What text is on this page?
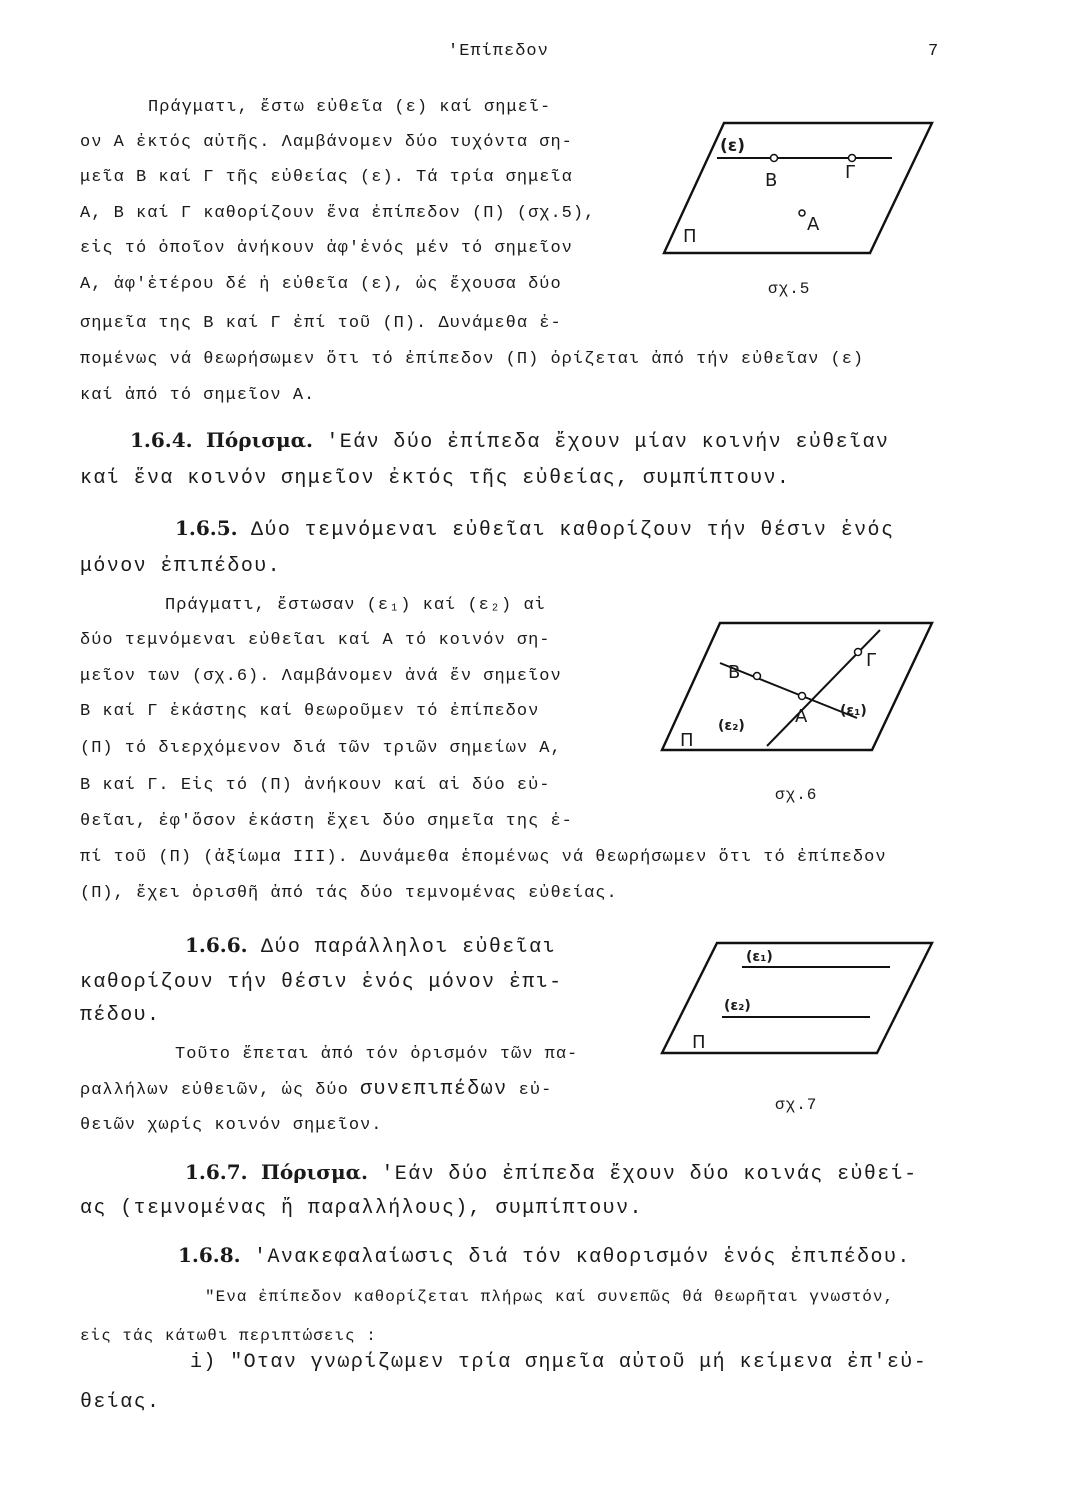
'Επίπεδον	7
Πράγματι, ἔστω εὐθεῖα (ε) καί σημεῖ-
ον Α ἐκτός αὐτῆς. Λαμβάνομεν δύο τυχόντα ση-
μεῖα Β καί Γ τῆς εὐθείας (ε). Τά τρία σημεῖα
Α, Β καί Γ καθορίζουν ἕνα ἐπίπεδον (Π) (σχ.5),
εἰς τό ὁποῖον ἀνήκουν ἀφ'ἑνός μέν τό σημεῖον
Α, ἀφ'ἑτέρου δέ ἡ εὐθεῖα (ε), ὡς ἔχουσα δύο
σημεῖα της Β καί Γ ἐπί τοῦ (Π). Δυνάμεθα ἐ-
πομένως νά θεωρήσωμεν ὅτι τό ἐπίπεδον (Π) ὁρίζεται ἀπό τήν εὐθεῖαν (ε)
καί ἀπό τό σημεῖον Α.
(ε)
Β	Γ
Π
Α
σχ.5
1.6.4. Πόρισμα. 'Εάν δύο ἐπίπεδα ἔχουν μίαν κοινήν εὐθεῖαν
καί ἕνα κοινόν σημεῖον ἐκτός τῆς εὐθείας, συμπίπτουν.
1.6.5. Δύο τεμνόμεναι εὐθεῖαι καθορίζουν τήν θέσιν ἑνός
μόνον ἐπιπέδου.
Πράγματι, ἔστωσαν (ε₁) καί (ε₂) αἱ
δύο τεμνόμεναι εὐθεῖαι καί Α τό κοινόν ση-
μεῖον των (σχ.6). Λαμβάνομεν ἀνά ἕν σημεῖον
Β καί Γ ἑκάστης καί θεωροῦμεν τό ἐπίπεδον
(Π) τό διερχόμενον διά τῶν τριῶν σημείων Α,
Β καί Γ. Εἰς τό (Π) ἀνήκουν καί αἱ δύο εὐ-
θεῖαι, ἐφ'ὅσον ἑκάστη ἔχει δύο σημεῖα της ἐ-
πί τοῦ (Π) (ἀξίωμα ΙΙΙ). Δυνάμεθα ἑπομένως νά θεωρήσωμεν ὅτι τό ἐπίπεδον
(Π), ἔχει ὁρισθῆ ἀπό τάς δύο τεμνομένας εὐθείας.
Β
Γ
Α (ε₁)
(ε₂)
Π
σχ.6
1.6.6. Δύο παράλληλοι εὐθεῖαι
καθορίζουν τήν θέσιν ἑνός μόνον ἐπι-
πέδου.
Τοῦτο ἕπεται ἀπό τόν ὁρισμόν τῶν πα-
ραλλήλων εὐθειῶν, ὡς δύο συνεπιπέδων εὐ-
θειῶν χωρίς κοινόν σημεῖον.
(ε₁)
(ε₂)
Π
σχ.7
1.6.7. Πόρισμα. 'Εάν δύο ἐπίπεδα ἔχουν δύο κοινάς εὐθεί-
ας (τεμνομένας ἤ παραλλήλους), συμπίπτουν.
1.6.8. 'Ανακεφαλαίωσις διά τόν καθορισμόν ἑνός ἐπιπέδου.
"Ενα ἐπίπεδον καθορίζεται πλήρως καί συνεπῶς θά θεωρῆται γνωστόν,
εἰς τάς κάτωθι περιπτώσεις :
i) "Οταν γνωρίζωμεν τρία σημεῖα αὐτοῦ μή κείμενα ἐπ'εὐ-
θείας.
